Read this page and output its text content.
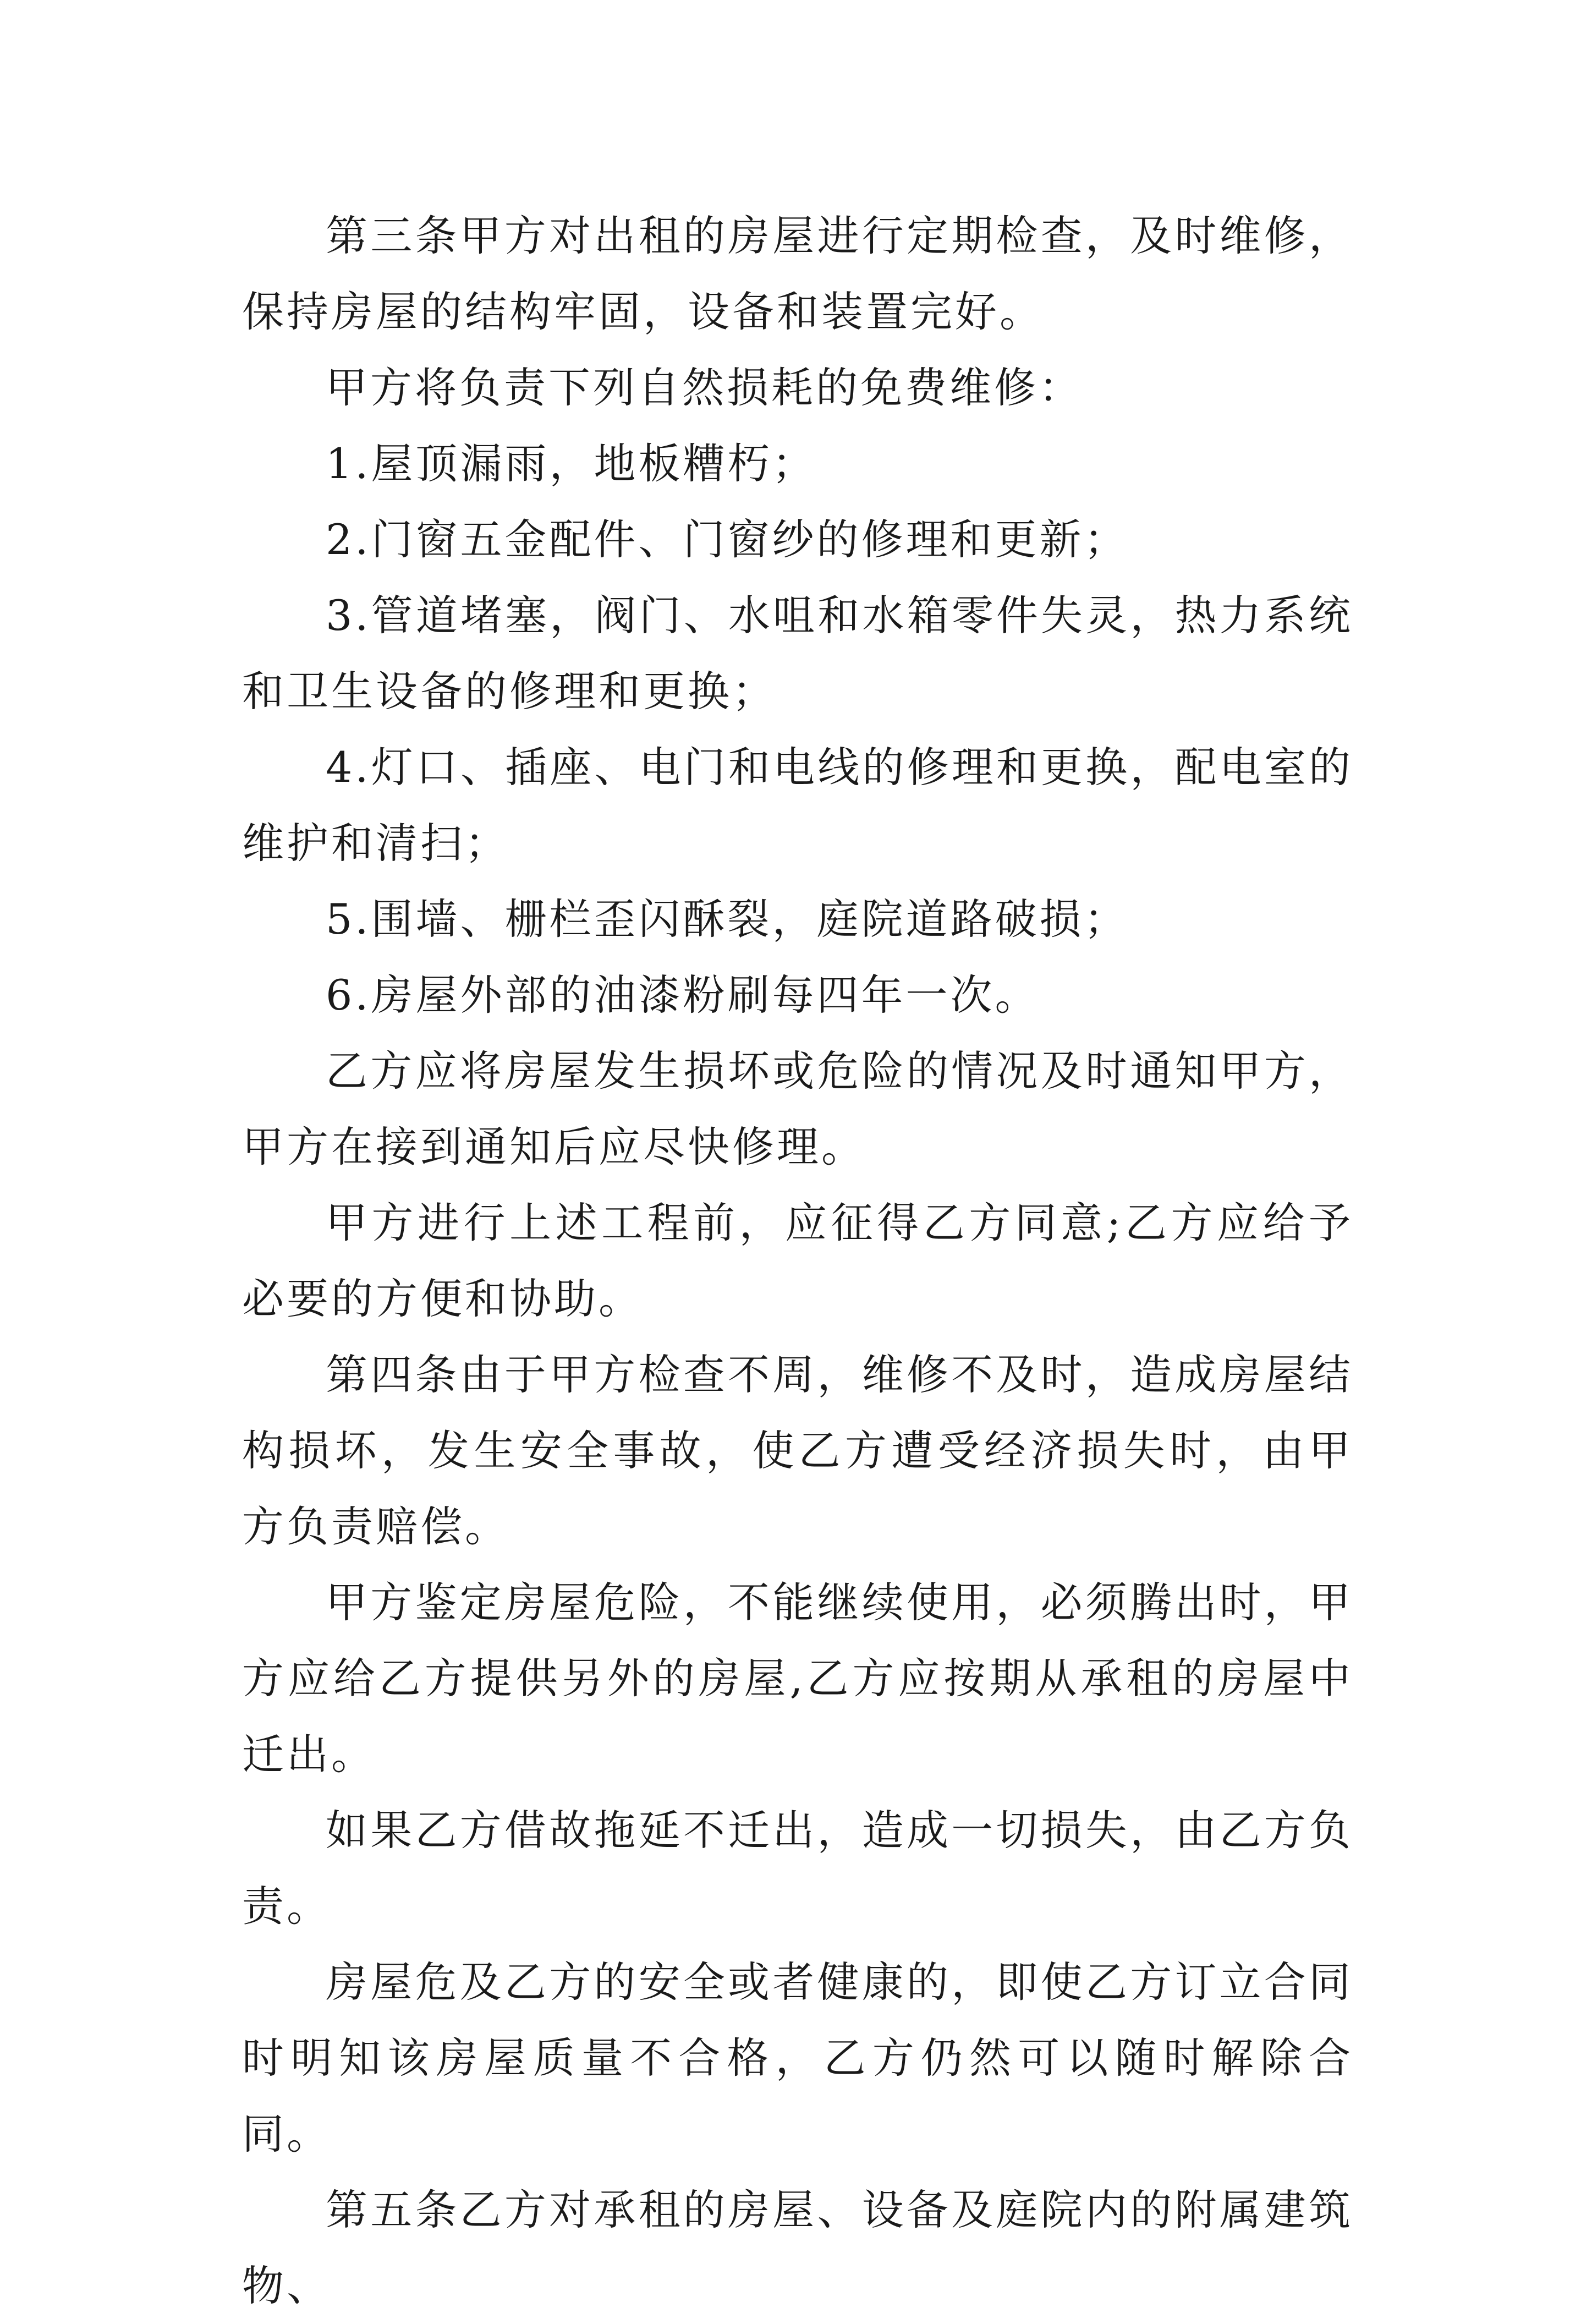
第三条甲方对出租的房屋进行定期检查，及时维修，保持房屋的结构牢固，设备和装置完好。

甲方将负责下列自然损耗的免费维修：

1.屋顶漏雨，地板糟朽；

2.门窗五金配件、门窗纱的修理和更新；

3.管道堵塞，阀门、水咀和水箱零件失灵，热力系统和卫生设备的修理和更换；

4.灯口、插座、电门和电线的修理和更换，配电室的维护和清扫；

5.围墙、栅栏歪闪酥裂，庭院道路破损；

6.房屋外部的油漆粉刷每四年一次。

乙方应将房屋发生损坏或危险的情况及时通知甲方，甲方在接到通知后应尽快修理。

甲方进行上述工程前，应征得乙方同意;乙方应给予必要的方便和协助。

第四条由于甲方检查不周，维修不及时，造成房屋结构损坏，发生安全事故，使乙方遭受经济损失时，由甲方负责赔偿。

甲方鉴定房屋危险，不能继续使用，必须腾出时，甲方应给乙方提供另外的房屋,乙方应按期从承租的房屋中迁出。

如果乙方借故拖延不迁出，造成一切损失，由乙方负责。

房屋危及乙方的安全或者健康的，即使乙方订立合同时明知该房屋质量不合格，乙方仍然可以随时解除合同。

第五条乙方对承租的房屋、设备及庭院内的附属建筑物、
